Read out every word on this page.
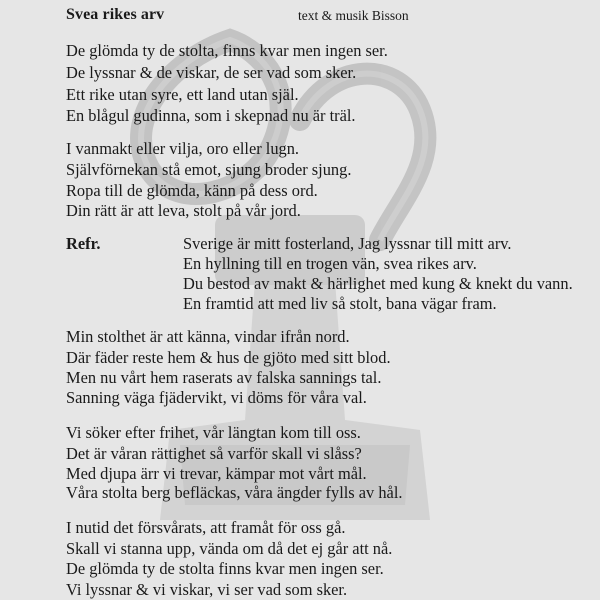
Svea rikes arv	text & musik Bisson
De glömda ty de stolta, finns kvar men ingen ser.
De lyssnar & de viskar, de ser vad som sker.
Ett rike utan syre, ett land utan själ.
En blågul gudinna, som i skepnad nu är träl.
I vanmakt eller vilja, oro eller lugn.
Självförnekan stå emot, sjung broder sjung.
Ropa till de glömda, känn på dess ord.
Din rätt är att leva, stolt på vår jord.
Refr.	Sverige är mitt fosterland, Jag lyssnar till mitt arv.
En hyllning till en trogen vän, svea rikes arv.
Du bestod av makt & härlighet med kung & knekt du vann.
En framtid att med liv så stolt, bana vägar fram.
Min stolthet är att känna, vindar ifrån nord.
Där fäder reste hem & hus de gjöto med sitt blod.
Men nu vårt hem raserats av falska sannings tal.
Sanning väga fjädervikt, vi döms för våra val.
Vi söker efter frihet, vår längtan kom till oss.
Det är våran rättighet så varför skall vi slåss?
Med djupa ärr vi trevar, kämpar mot vårt mål.
Våra stolta berg befläckas, våra ängder fylls av hål.
I nutid det försvårats, att framåt för oss gå.
Skall vi stanna upp, vända om då det ej går att nå.
De glömda ty de stolta finns kvar men ingen ser.
Vi lyssnar & vi viskar, vi ser vad som sker.
